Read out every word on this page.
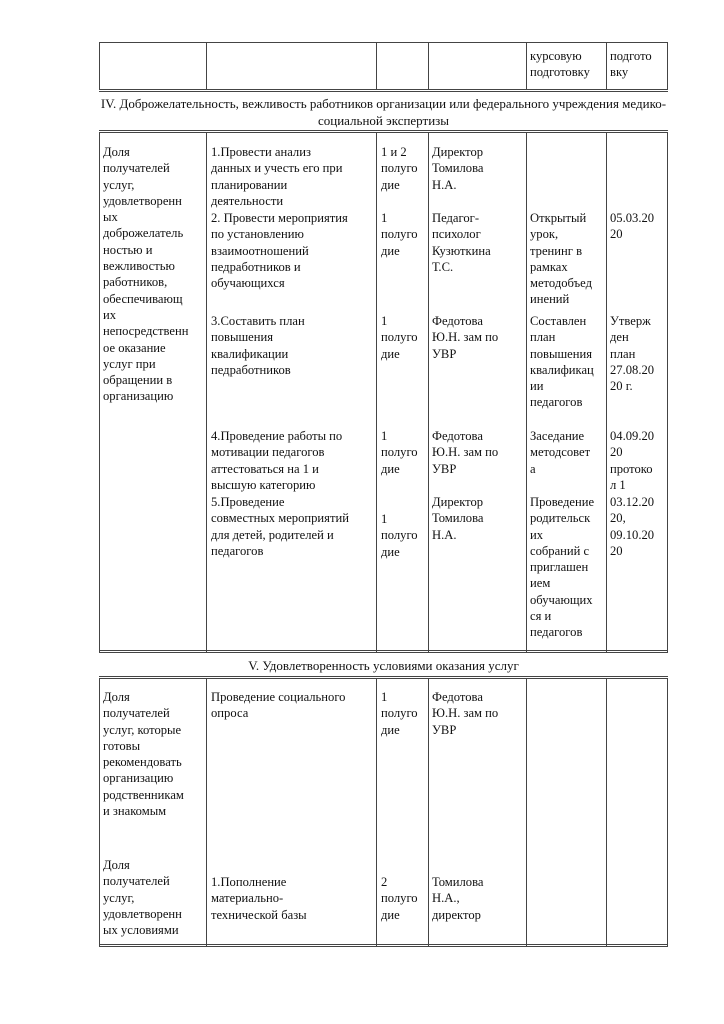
курсовую
подготовку
подгото
вку
IV. Доброжелательность, вежливость работников организации или федерального учреждения медико-социальной экспертизы
Доля
получателей
услуг,
удовлетворенн
ых
доброжелатель
ностью и
вежливостью
работников,
обеспечивающ
их
непосредственн
ое оказание
услуг при
обращении в
организацию
1.Провести анализ
данных и учесть его при
планировании
деятельности
1 и 2
полуго
дие
Директор
Томилова
Н.А.
2. Провести мероприятия
по установлению
взаимоотношений
педработников и
обучающихся
1
полуго
дие
Педагог-
психолог
Кузюткина
Т.С.
Открытый
урок,
тренинг в
рамках
методобъед
инений
05.03.20
20
3.Составить план
повышения
квалификации
педработников
1
полуго
дие
Федотова
Ю.Н. зам по
УВР
Составлен
план
повышения
квалификац
ии
педагогов
Утверж
ден
план
27.08.20
20 г.
4.Проведение работы по
мотивации педагогов
аттестоваться на 1 и
высшую категорию
1
полуго
дие
Федотова
Ю.Н. зам по
УВР
Заседание
методсовет
а
04.09.20
20
протоко
л 1
5.Проведение
совместных мероприятий
для детей, родителей и
педагогов
1
полуго
дие
Директор
Томилова
Н.А.
Проведение
родительск
их
собраний с
приглашен
ием
обучающих
ся и
педагогов
03.12.20
20,
09.10.20
20
V. Удовлетворенность условиями оказания услуг
Доля
получателей
услуг, которые
готовы
рекомендовать
организацию
родственникам
и знакомым
Проведение социального
опроса
1
полуго
дие
Федотова
Ю.Н. зам по
УВР
Доля
получателей
услуг,
удовлетворенн
ых условиями
1.Пополнение
материально-
технической базы
2
полуго
дие
Томилова
Н.А.,
директор
